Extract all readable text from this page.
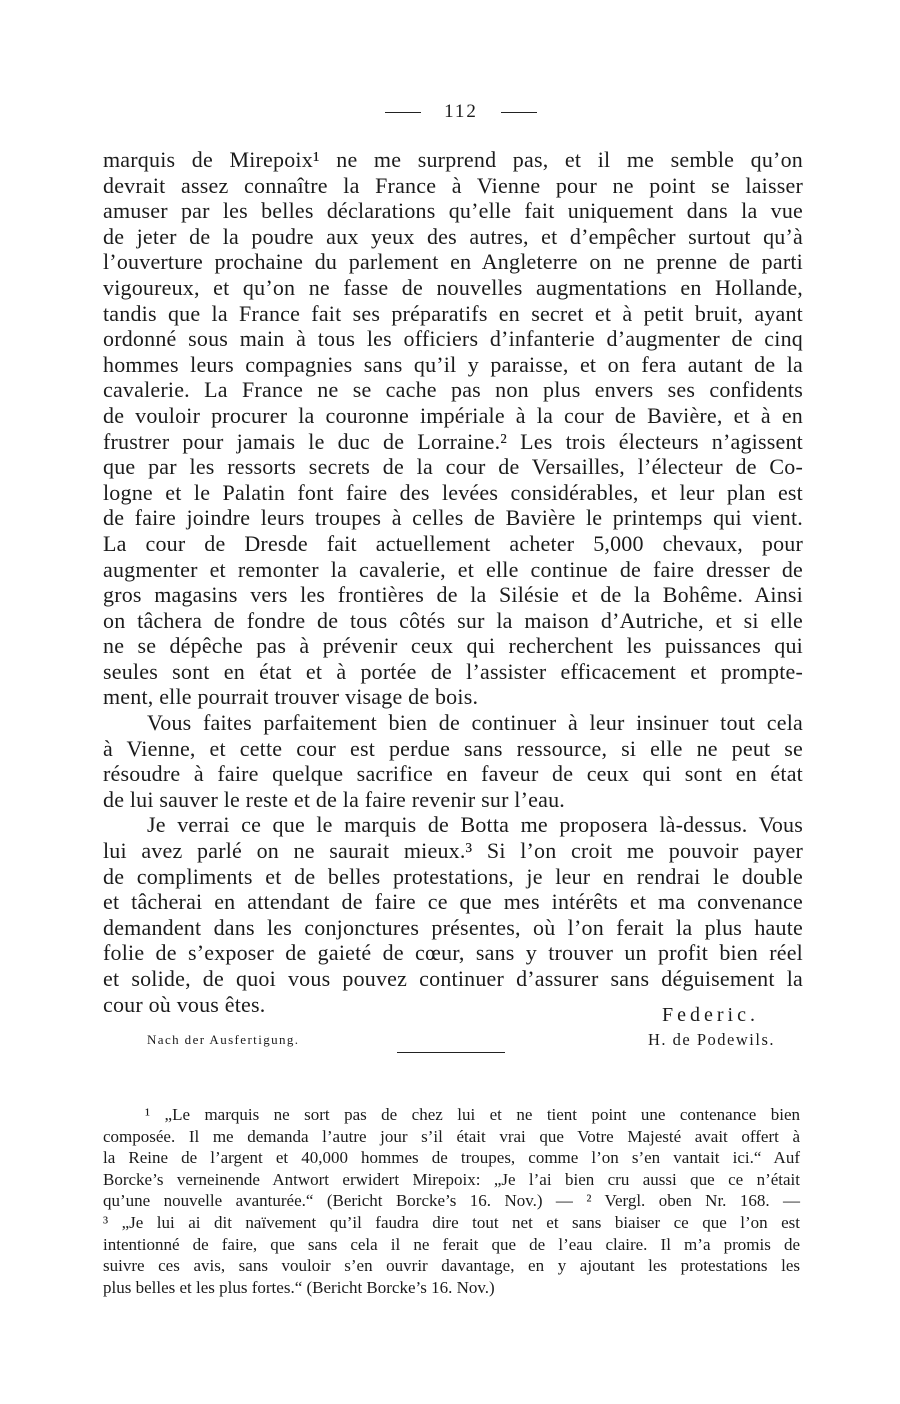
112
marquis de Mirepoix¹ ne me surprend pas, et il me semble qu’on
devrait assez connaître la France à Vienne pour ne point se laisser
amuser par les belles déclarations qu’elle fait uniquement dans la vue
de jeter de la poudre aux yeux des autres, et d’empêcher surtout qu’à
l’ouverture prochaine du parlement en Angleterre on ne prenne de parti
vigoureux, et qu’on ne fasse de nouvelles augmentations en Hollande,
tandis que la France fait ses préparatifs en secret et à petit bruit, ayant
ordonné sous main à tous les officiers d’infanterie d’augmenter de cinq
hommes leurs compagnies sans qu’il y paraisse, et on fera autant de la
cavalerie. La France ne se cache pas non plus envers ses confidents
de vouloir procurer la couronne impériale à la cour de Bavière, et à en
frustrer pour jamais le duc de Lorraine.² Les trois électeurs n’agissent
que par les ressorts secrets de la cour de Versailles, l’électeur de Co-
logne et le Palatin font faire des levées considérables, et leur plan est
de faire joindre leurs troupes à celles de Bavière le printemps qui vient.
La cour de Dresde fait actuellement acheter 5,000 chevaux, pour
augmenter et remonter la cavalerie, et elle continue de faire dresser de
gros magasins vers les frontières de la Silésie et de la Bohême. Ainsi
on tâchera de fondre de tous côtés sur la maison d’Autriche, et si elle
ne se dépêche pas à prévenir ceux qui recherchent les puissances qui
seules sont en état et à portée de l’assister efficacement et prompte-
ment, elle pourrait trouver visage de bois.
Vous faites parfaitement bien de continuer à leur insinuer tout cela
à Vienne, et cette cour est perdue sans ressource, si elle ne peut se
résoudre à faire quelque sacrifice en faveur de ceux qui sont en état
de lui sauver le reste et de la faire revenir sur l’eau.
Je verrai ce que le marquis de Botta me proposera là-dessus. Vous
lui avez parlé on ne saurait mieux.³ Si l’on croit me pouvoir payer
de compliments et de belles protestations, je leur en rendrai le double
et tâcherai en attendant de faire ce que mes intérêts et ma convenance
demandent dans les conjonctures présentes, où l’on ferait la plus haute
folie de s’exposer de gaieté de cœur, sans y trouver un profit bien réel
et solide, de quoi vous pouvez continuer d’assurer sans déguisement la
cour où vous êtes.	Federic.
Nach der Ausfertigung.	H. de Podewils.
¹ „Le marquis ne sort pas de chez lui et ne tient point une contenance bien
composée. Il me demanda l’autre jour s’il était vrai que Votre Majesté avait offert à
la Reine de l’argent et 40,000 hommes de troupes, comme l’on s’en vantait ici.“ Auf
Borcke’s verneinende Antwort erwidert Mirepoix: „Je l’ai bien cru aussi que ce n’était
qu’une nouvelle avanturée.“ (Bericht Borcke’s 16. Nov.) — ² Vergl. oben Nr. 168. —
³ „Je lui ai dit naïvement qu’il faudra dire tout net et sans biaiser ce que l’on est
intentionné de faire, que sans cela il ne ferait que de l’eau claire. Il m’a promis de
suivre ces avis, sans vouloir s’en ouvrir davantage, en y ajoutant les protestations les
plus belles et les plus fortes.“ (Bericht Borcke’s 16. Nov.)
